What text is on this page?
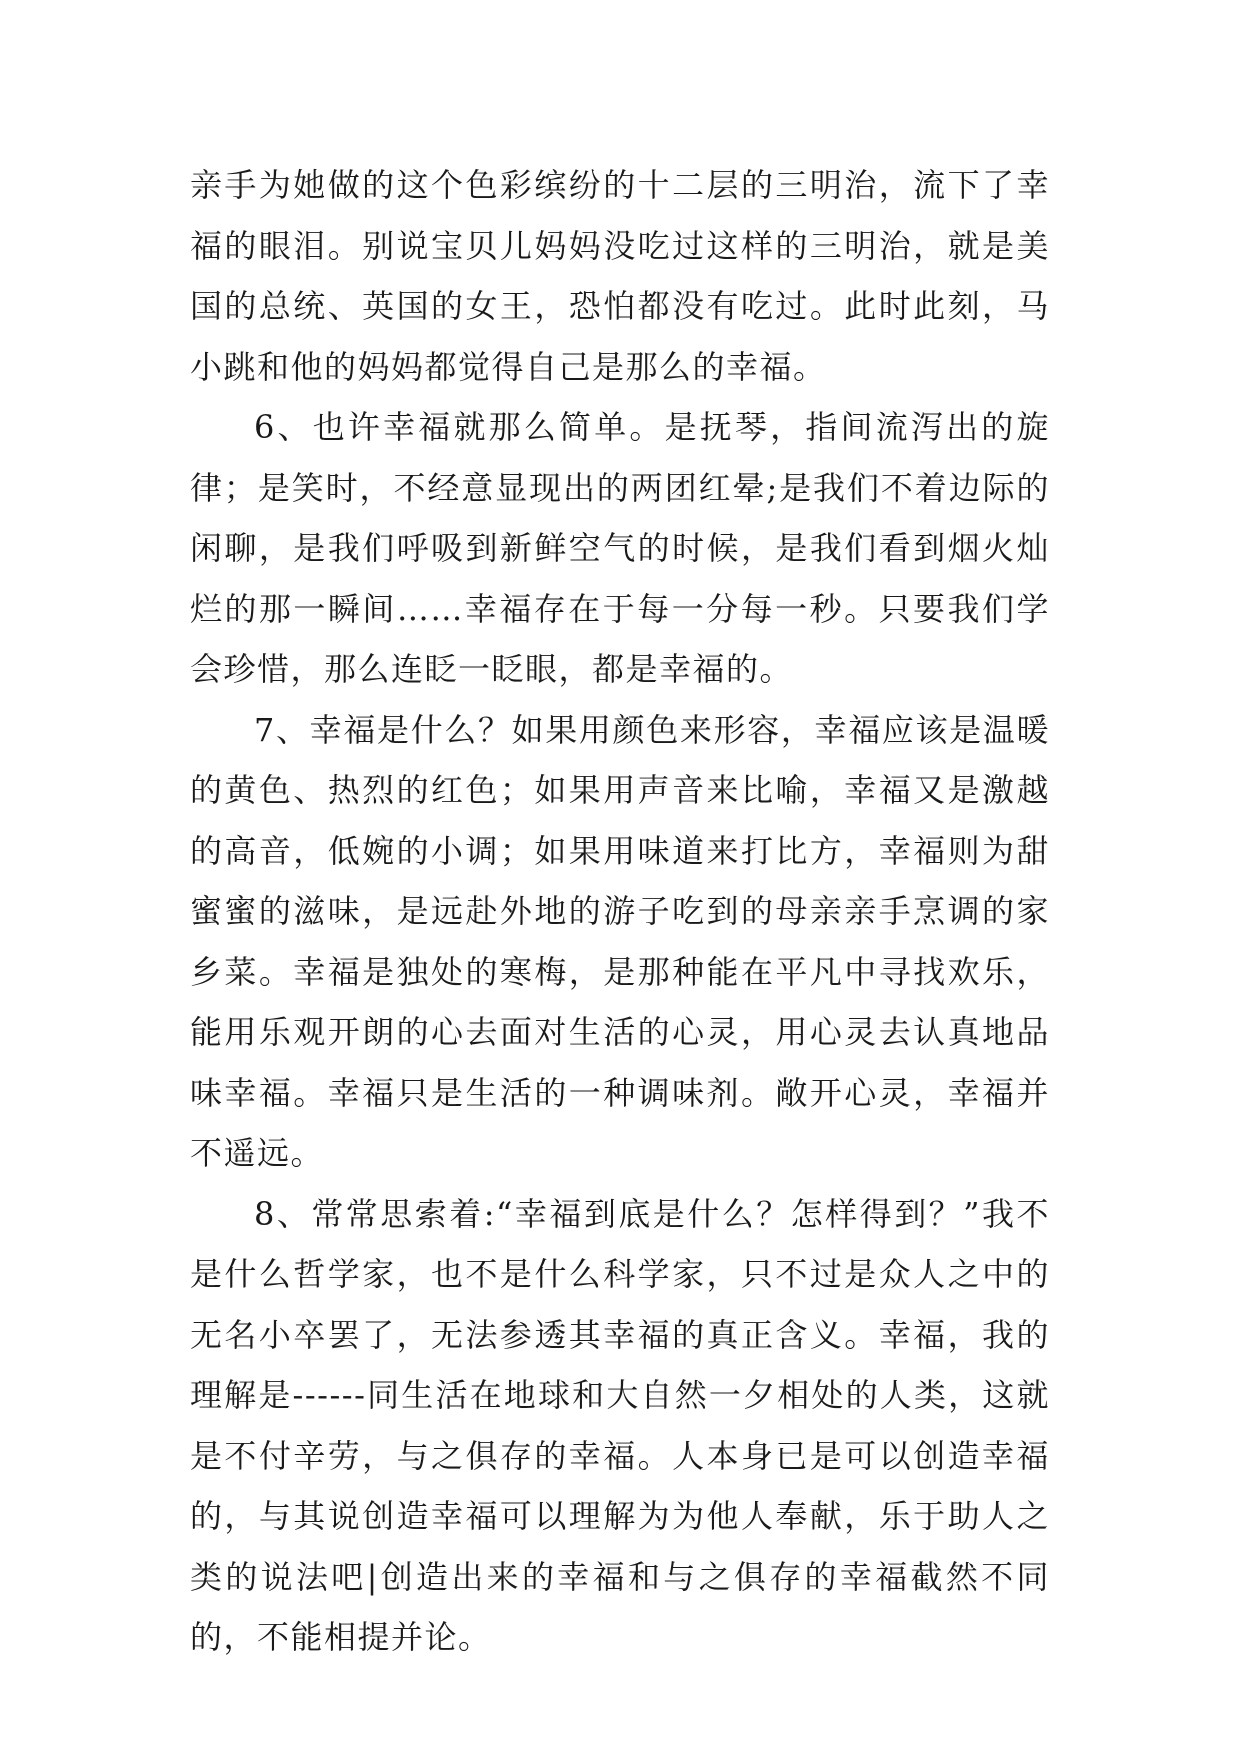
亲手为她做的这个色彩缤纷的十二层的三明治，流下了幸福的眼泪。别说宝贝儿妈妈没吃过这样的三明治，就是美国的总统、英国的女王，恐怕都没有吃过。此时此刻，马小跳和他的妈妈都觉得自己是那么的幸福。

6、也许幸福就那么简单。是抚琴，指间流泻出的旋律；是笑时，不经意显现出的两团红晕;是我们不着边际的闲聊，是我们呼吸到新鲜空气的时候，是我们看到烟火灿烂的那一瞬间……幸福存在于每一分每一秒。只要我们学会珍惜，那么连眨一眨眼，都是幸福的。

7、幸福是什么？如果用颜色来形容，幸福应该是温暖的黄色、热烈的红色；如果用声音来比喻，幸福又是激越的高音，低婉的小调；如果用味道来打比方，幸福则为甜蜜蜜的滋味，是远赴外地的游子吃到的母亲亲手烹调的家乡菜。幸福是独处的寒梅，是那种能在平凡中寻找欢乐，能用乐观开朗的心去面对生活的心灵，用心灵去认真地品味幸福。幸福只是生活的一种调味剂。敞开心灵，幸福并不遥远。

8、常常思索着:“幸福到底是什么？怎样得到？”我不是什么哲学家，也不是什么科学家，只不过是众人之中的无名小卒罢了，无法参透其幸福的真正含义。幸福，我的理解是------同生活在地球和大自然一夕相处的人类，这就是不付辛劳，与之俱存的幸福。人本身已是可以创造幸福的，与其说创造幸福可以理解为为他人奉献，乐于助人之类的说法吧|创造出来的幸福和与之俱存的幸福截然不同的，不能相提并论。
